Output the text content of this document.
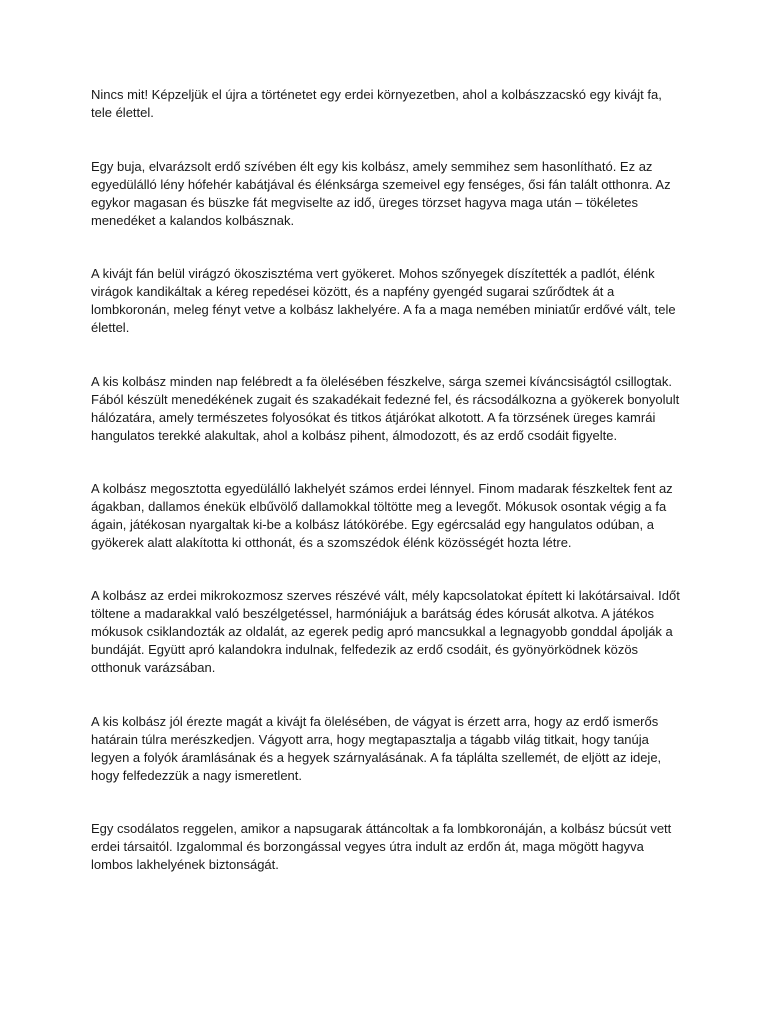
Nincs mit! Képzeljük el újra a történetet egy erdei környezetben, ahol a kolbászzacskó egy kivájt fa, tele élettel.

Egy buja, elvarázsolt erdő szívében élt egy kis kolbász, amely semmihez sem hasonlítható. Ez az egyedülálló lény hófehér kabátjával és élénksárga szemeivel egy fenséges, ősi fán talált otthonra. Az egykor magasan és büszke fát megviselte az idő, üreges törzset hagyva maga után – tökéletes menedéket a kalandos kolbásznak.

A kivájt fán belül virágzó ökoszisztéma vert gyökeret. Mohos szőnyegek díszítették a padlót, élénk virágok kandikáltak a kéreg repedései között, és a napfény gyengéd sugarai szűrődtek át a lombkoronán, meleg fényt vetve a kolbász lakhelyére. A fa a maga nemében miniatűr erdővé vált, tele élettel.

A kis kolbász minden nap felébredt a fa ölelésében fészkelve, sárga szemei kíváncsiságtól csillogtak. Fából készült menedékének zugait és szakadékait fedezné fel, és rácsodálkozna a gyökerek bonyolult hálózatára, amely természetes folyosókat és titkos átjárókat alkotott. A fa törzsének üreges kamrái hangulatos terekké alakultak, ahol a kolbász pihent, álmodozott, és az erdő csodáit figyelte.

A kolbász megosztotta egyedülálló lakhelyét számos erdei lénnyel. Finom madarak fészkeltek fent az ágakban, dallamos énekük elbűvölő dallamokkal töltötte meg a levegőt. Mókusok osontak végig a fa ágain, játékosan nyargaltak ki-be a kolbász látókörébe. Egy egércsalád egy hangulatos odúban, a gyökerek alatt alakította ki otthonát, és a szomszédok élénk közösségét hozta létre.

A kolbász az erdei mikrokozmosz szerves részévé vált, mély kapcsolatokat épített ki lakótársaival. Időt töltene a madarakkal való beszélgetéssel, harmóniájuk a barátság édes kórusát alkotva. A játékos mókusok csiklandozták az oldalát, az egerek pedig apró mancsukkal a legnagyobb gonddal ápolják a bundáját. Együtt apró kalandokra indulnak, felfedezik az erdő csodáit, és gyönyörködnek közös otthonuk varázsában.

A kis kolbász jól érezte magát a kivájt fa ölelésében, de vágyat is érzett arra, hogy az erdő ismerős határain túlra merészkedjen. Vágyott arra, hogy megtapasztalja a tágabb világ titkait, hogy tanúja legyen a folyók áramlásának és a hegyek szárnyalásának. A fa táplálta szellemét, de eljött az ideje, hogy felfedezzük a nagy ismeretlent.

Egy csodálatos reggelen, amikor a napsugarak áttáncoltak a fa lombkoronáján, a kolbász búcsút vett erdei társaitól. Izgalommal és borzongással vegyes útra indult az erdőn át, maga mögött hagyva lombos lakhelyének biztonságát.
